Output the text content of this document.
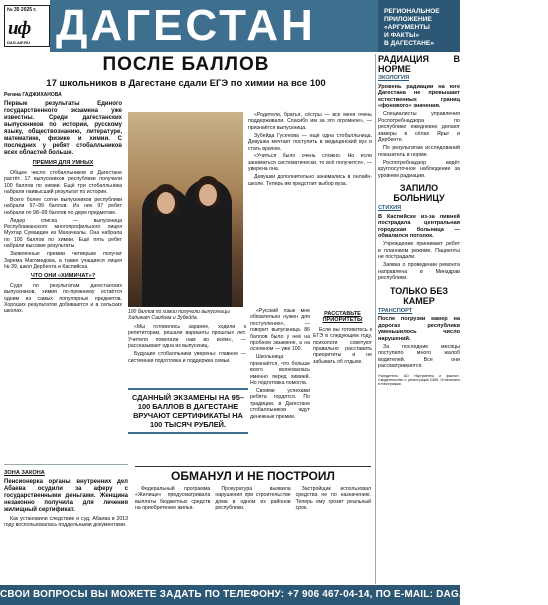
№ 35 2025 г.
иф
DAG.AIF.RU ДАГЕСТАН	РЕГИОНАЛЬНОЕ
ПРИЛОЖЕНИЕ
«АРГУМЕНТЫ
И ФАКТЫ»
В ДАГЕСТАНЕ»
ПОСЛЕ БАЛЛОВ
17 школьников в Дагестане сдали ЕГЭ по химии на все 100

Регина ГАДЖИХАНОВА

Первые результаты Единого государственного экзамена уже известны. Среди дагестанских выпускников по истории, русскому языку, обществознанию, литературе, математике, физике и химии. С последних у ребят стобалльников всех областей больше.

ПРЕМИЯ ДЛЯ УМНЫХ

Общее число стобалльников в Дагестане растёт. 17 выпускников республики получили 100 баллов по химии. Ещё три стобалльника набрали наивысший результат по истории.

Всего более сотни выпускников республики набрали 97–99 баллов. Из них 97 ребят набрали по 98–99 баллов по двум предметам.

Лидер списка — выпускница Республиканского многопрофильного лицея Мухтар Сумаидин из Махачкалы. Она набрала по 100 баллов по химии. Ещё пять ребят набрали высокие результаты.

Заявленные премии четверым получат Зарема Магомедова, а также учащиеся лицея № 39, школ Дербента и Каспийска.

ЧТО ОНИ «ХИМИЧАТ»?

Судя по результатам дагестанских выпускников, химия по-прежнему остаётся одним из самых популярных предметов. Хороших результатов добиваются и в сельских школах.	100 баллов по химии получили выпускницы Хадижат Саидова и Зубейда.

«Мы готовились заранее, ходили к репетиторам, решали варианты прошлых лет. Учителя помогали нам во всём», — рассказывает одна из выпускниц.

Будущие стобалльники уверены: главное — системная подготовка и поддержка семьи.

СДАННЫЙ ЭКЗАМЕНЫ НА 95–100 БАЛЛОВ В ДАГЕСТАНЕ ВРУЧАЮТ СЕРТИФИКАТЫ НА 100 ТЫСЯЧ РУБЛЕЙ.

«Русский язык мне обязательно нужен для поступления», — говорит выпускница. 86 баллов было у неё на пробном экзамене, а на основном — уже 100.

Школьница признаётся, что больше всего волновалась именно перед химией. Но подготовка помогла.

Своими успехами ребята гордятся. По традиции, в Дагестане стобалльников ждут денежные премии.

«Родители, братья, сёстры — все меня очень поддерживали. Спасибо им за это огромное», — признаётся выпускница.

Зубейда Гусенова — ещё одна стобалльница. Девушка мечтает поступить в медицинский вуз и стать врачом.

«Учиться было очень сложно. Но если заниматься систематически, то всё получится», — уверена она.

Девушки дополнительно занимались в онлайн-школе. Теперь им предстоит выбор вуза.

РАССТАВЬТЕ ПРИОРИТЕТЫ

Если вы готовитесь к ЕГЭ в следующем году, психологи советуют правильно расставить приоритеты и не забывать об отдыхе.

ЗОНА ЗАКОНА

Пенсионерка органы внутренних дел Абаева осудили за аферу с государственными деньгами. Женщина незаконно получила для лечения жилищный сертификат.

Как установили следствие и суд, Абаева в 2013 году воспользовалась поддельными документами.

ОБМАНУЛ И НЕ ПОСТРОИЛ

Федеральный программа «Жилище» предусматривала выплаты бюджетных средств на приобретение жилья.

Прокуратура выявила нарушения при строительстве дома в одном из районов республики.

Застройщик использовал средства не по назначению. Теперь ему грозит реальный срок.

РАДИАЦИЯ В НОРМЕ
ЭКОЛОГИЯ

Уровень радиации на юге Дагестана не превышает естественных границ «фонового» значения.

Специалисты управления Роспотребнадзора по республике ежедневно делают замеры в сёлах Ярыг и Дербенте.

По результатам исследований показатель в норме.

Роспотребнадзор ведёт круглосуточное наблюдение за уровнем радиации.

ЗАПИЛО БОЛЬНИЦУ
СТИХИЯ

В Каспийске из-за ливней пострадала центральная городская больница — обвалился потолок.

Учреждение принимает ребят в плановом режиме. Пациенты не пострадали.

Заявка о проведении ремонта направлена в Минздрав республики.

ТОЛЬКО БЕЗ КАМЕР
ТРАНСПОРТ

После погрузки камер на дорогах республики уменьшилось число нарушений.

За последние месяцы поступило много жалоб водителей. Все они рассматриваются.

Учредитель: АО «Аргументы и факты». Свидетельство о регистрации СМИ. Отпечатано в типографии.

СВОИ ВОПРОСЫ ВЫ МОЖЕТЕ ЗАДАТЬ ПО ТЕЛЕФОНУ: +7 906 467-04-14, ПО E-MAIL: DAG.AIF@YANDEX.RU
